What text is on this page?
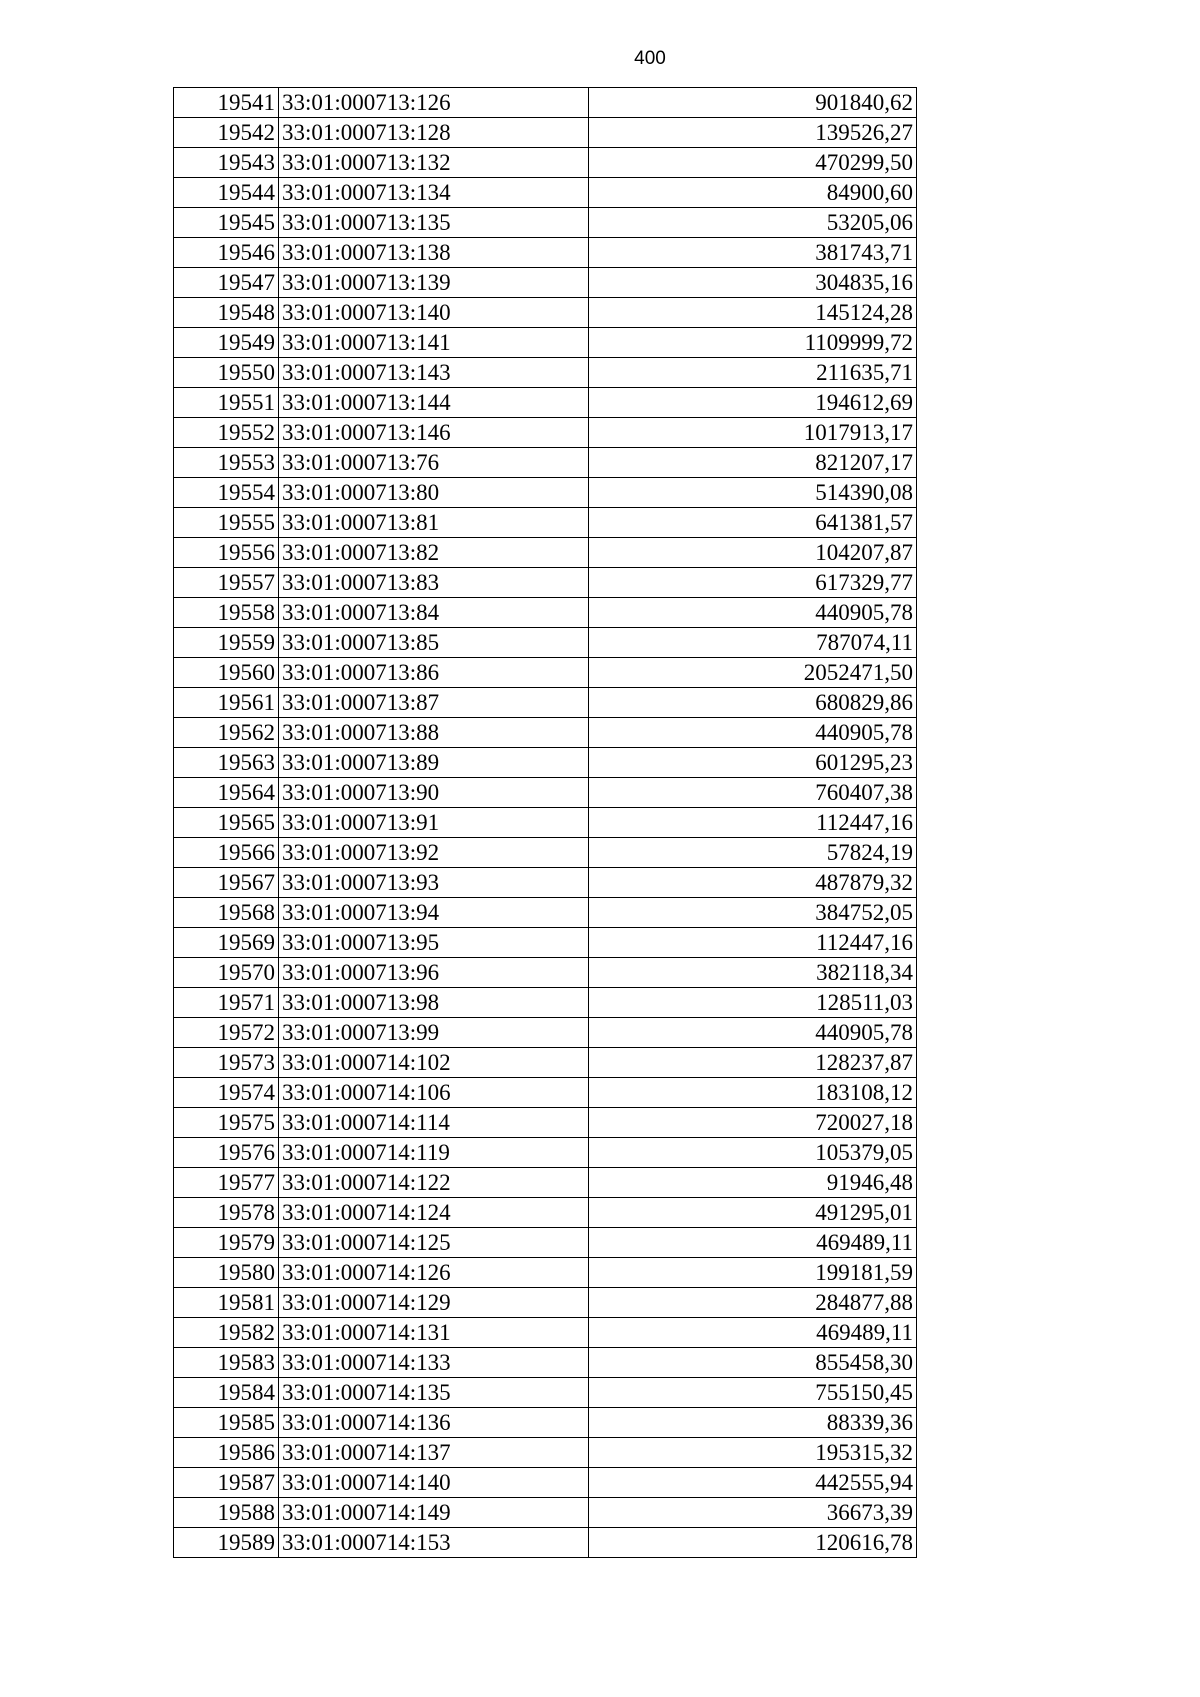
400
19541	33:01:000713:126	901840,62
19542	33:01:000713:128	139526,27
19543	33:01:000713:132	470299,50
19544	33:01:000713:134	84900,60
19545	33:01:000713:135	53205,06
19546	33:01:000713:138	381743,71
19547	33:01:000713:139	304835,16
19548	33:01:000713:140	145124,28
19549	33:01:000713:141	1109999,72
19550	33:01:000713:143	211635,71
19551	33:01:000713:144	194612,69
19552	33:01:000713:146	1017913,17
19553	33:01:000713:76	821207,17
19554	33:01:000713:80	514390,08
19555	33:01:000713:81	641381,57
19556	33:01:000713:82	104207,87
19557	33:01:000713:83	617329,77
19558	33:01:000713:84	440905,78
19559	33:01:000713:85	787074,11
19560	33:01:000713:86	2052471,50
19561	33:01:000713:87	680829,86
19562	33:01:000713:88	440905,78
19563	33:01:000713:89	601295,23
19564	33:01:000713:90	760407,38
19565	33:01:000713:91	112447,16
19566	33:01:000713:92	57824,19
19567	33:01:000713:93	487879,32
19568	33:01:000713:94	384752,05
19569	33:01:000713:95	112447,16
19570	33:01:000713:96	382118,34
19571	33:01:000713:98	128511,03
19572	33:01:000713:99	440905,78
19573	33:01:000714:102	128237,87
19574	33:01:000714:106	183108,12
19575	33:01:000714:114	720027,18
19576	33:01:000714:119	105379,05
19577	33:01:000714:122	91946,48
19578	33:01:000714:124	491295,01
19579	33:01:000714:125	469489,11
19580	33:01:000714:126	199181,59
19581	33:01:000714:129	284877,88
19582	33:01:000714:131	469489,11
19583	33:01:000714:133	855458,30
19584	33:01:000714:135	755150,45
19585	33:01:000714:136	88339,36
19586	33:01:000714:137	195315,32
19587	33:01:000714:140	442555,94
19588	33:01:000714:149	36673,39
19589	33:01:000714:153	120616,78
